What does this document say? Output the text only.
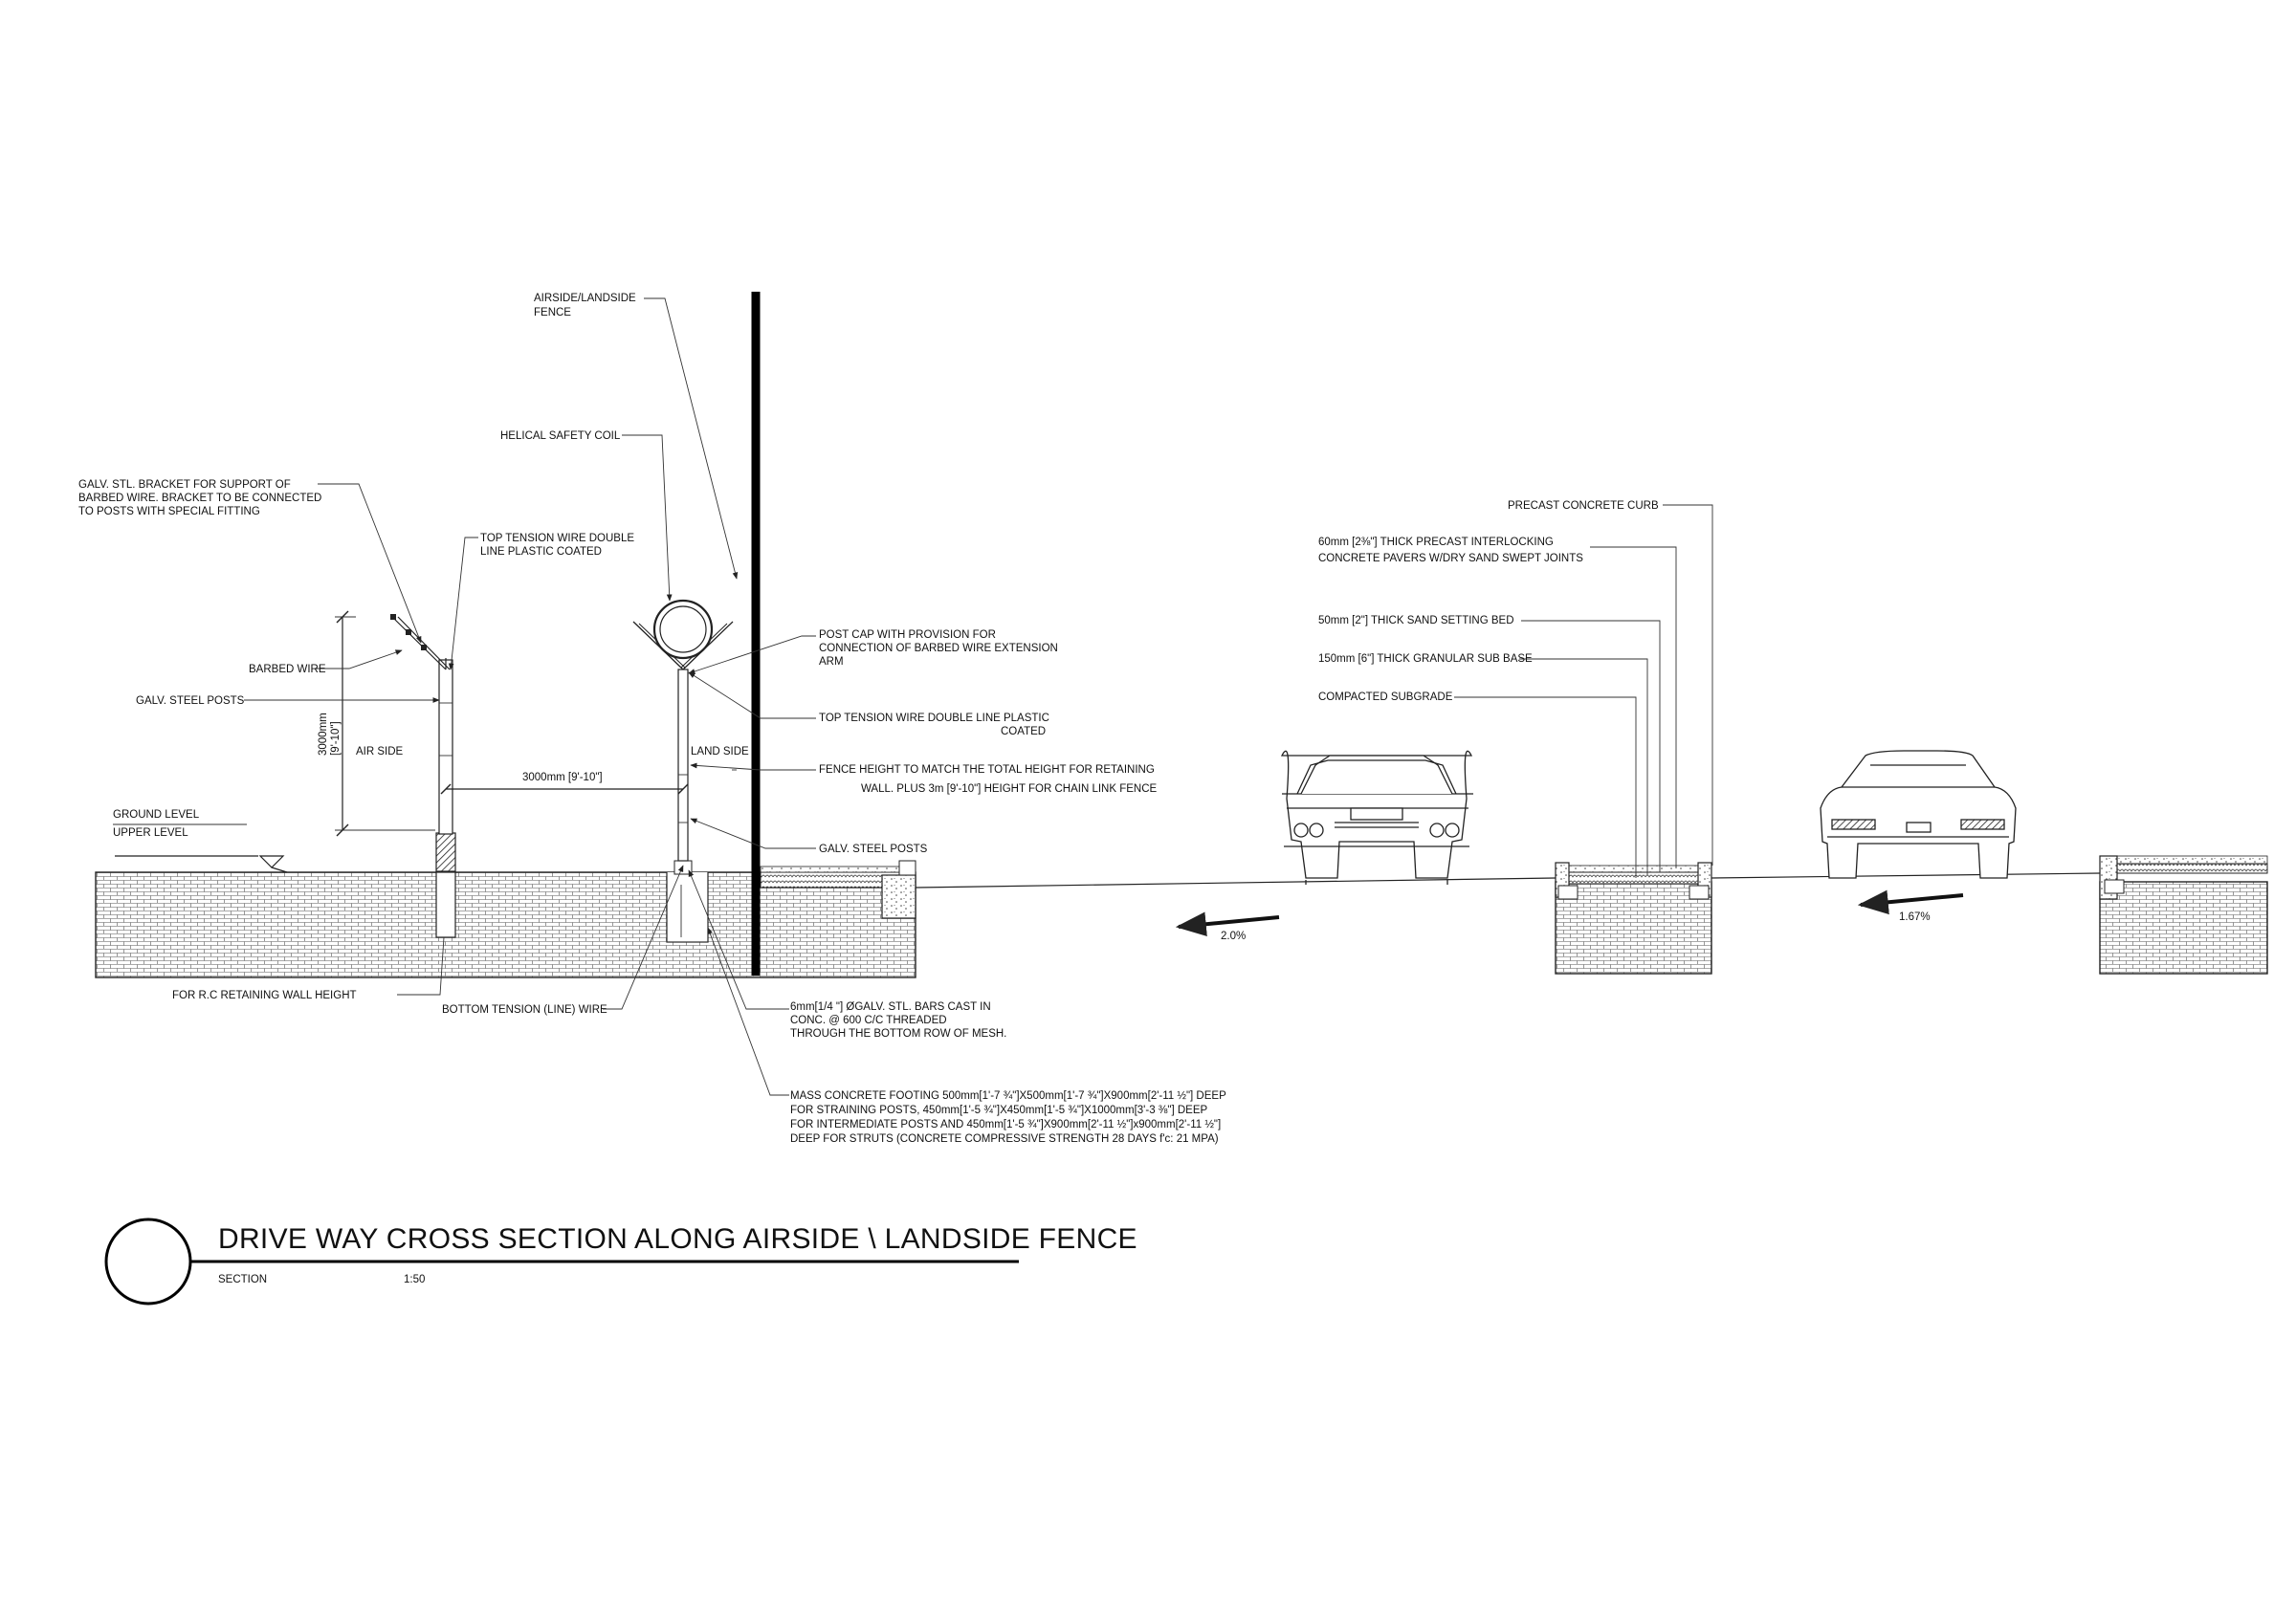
2.0%
1.67%
3000mm [9'-10"]
3000mm [9'-10"]
AIRSIDE/LANDSIDE
FENCE
HELICAL SAFETY COIL
GALV. STL. BRACKET FOR SUPPORT OF
BARBED WIRE. BRACKET TO BE CONNECTED
TO POSTS WITH SPECIAL FITTING
TOP TENSION WIRE DOUBLE
LINE PLASTIC COATED
BARBED WIRE
GALV. STEEL POSTS
AIR SIDE	LAND SIDE
GROUND LEVEL
UPPER LEVEL
POST CAP WITH PROVISION FOR
CONNECTION OF BARBED WIRE EXTENSION
ARM
TOP TENSION WIRE DOUBLE LINE PLASTIC
COATED
FENCE HEIGHT TO MATCH THE TOTAL HEIGHT FOR RETAINING
WALL. PLUS 3m [9'-10"] HEIGHT FOR CHAIN LINK FENCE
GALV. STEEL POSTS
FOR R.C RETAINING WALL HEIGHT
BOTTOM TENSION (LINE) WIRE	6mm[1/4 "] ØGALV. STL. BARS CAST IN
CONC. @ 600 C/C THREADED
THROUGH THE BOTTOM ROW OF MESH.
MASS CONCRETE FOOTING 500mm[1'-7 ¾"]X500mm[1'-7 ¾"]X900mm[2'-11 ½"] DEEP
FOR STRAINING POSTS, 450mm[1'-5 ¾"]X450mm[1'-5 ¾"]X1000mm[3'-3 ⅜"] DEEP
FOR INTERMEDIATE POSTS AND 450mm[1'-5 ¾"]X900mm[2'-11 ½"]x900mm[2'-11 ½"]
DEEP FOR STRUTS (CONCRETE COMPRESSIVE STRENGTH 28 DAYS f'c: 21 MPA)
PRECAST CONCRETE CURB
60mm [2⅜"] THICK PRECAST INTERLOCKING
CONCRETE PAVERS W/DRY SAND SWEPT JOINTS
50mm [2"] THICK SAND SETTING BED
150mm [6"] THICK GRANULAR SUB BASE
COMPACTED SUBGRADE
DRIVE WAY CROSS SECTION ALONG AIRSIDE \ LANDSIDE FENCE
SECTION	1:50
